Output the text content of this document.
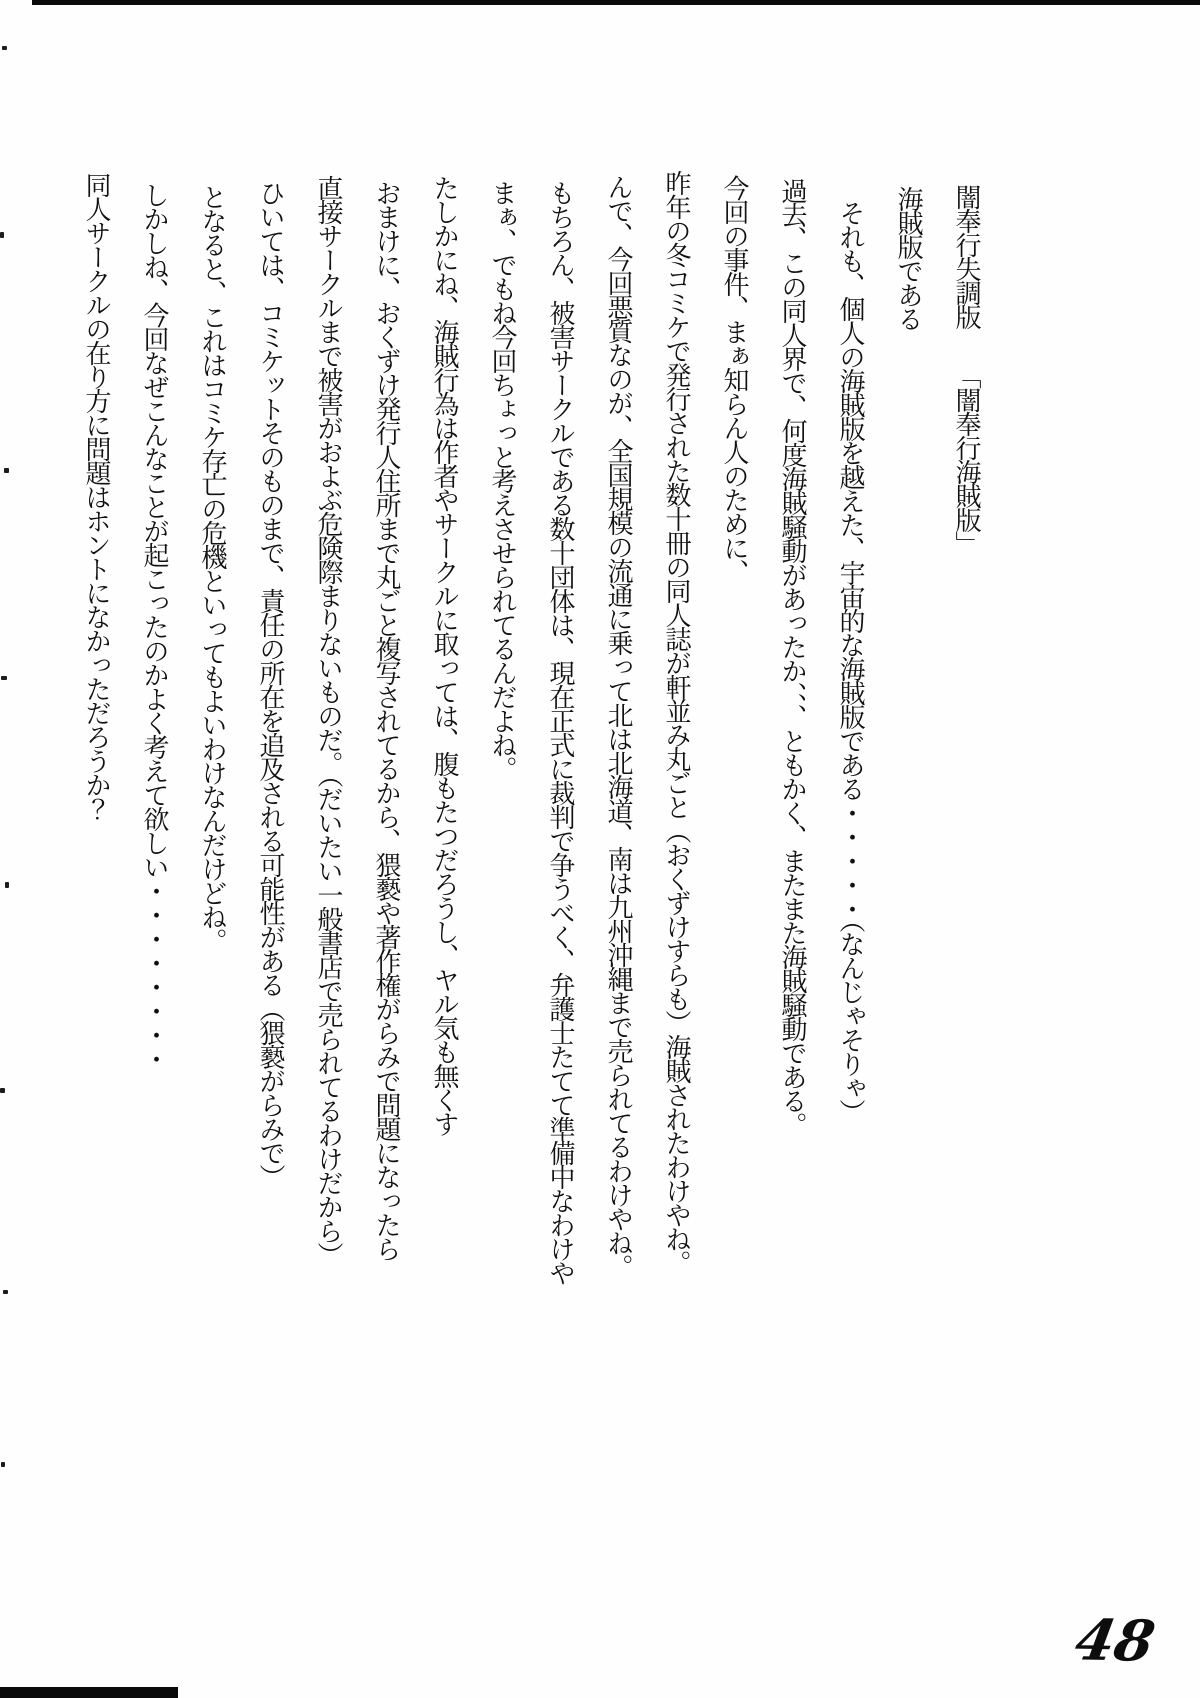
闇奉行失調版　　「闇奉行海賊版」

海賊版である

それも、個人の海賊版を越えた、宇宙的な海賊版である・・・・・（なんじゃそりゃ）

過去、この同人界で、何度海賊騒動があったか、、、ともかく、またまた海賊騒動である。

今回の事件、まぁ知らん人のために、

昨年の冬コミケで発行された数十冊の同人誌が軒並み丸ごと（おくずけすらも）海賊されたわけやね。

んで、今回悪質なのが、全国規模の流通に乗って北は北海道、南は九州沖縄まで売られてるわけやね。

もちろん、被害サークルである数十団体は、現在正式に裁判で争うべく、弁護士たてて準備中なわけや

まぁ、でもね今回ちょっと考えさせられてるんだよね。

たしかにね、海賊行為は作者やサークルに取っては、腹もたつだろうし、ヤル気も無くす

おまけに、おくずけ発行人住所まで丸ごと複写されてるから、猥褻や著作権がらみで問題になったら

直接サークルまで被害がおよぶ危険際まりないものだ。（だいたい一般書店で売られてるわけだから）

ひいては、コミケットそのものまで、責任の所在を追及される可能性がある（猥褻がらみで）

となると、これはコミケ存亡の危機といってもよいわけなんだけどね。

しかしね、今回なぜこんなことが起こったのかよく考えて欲しい・・・・・・・・

同人サークルの在り方に問題はホントになかっただろうか？

48
